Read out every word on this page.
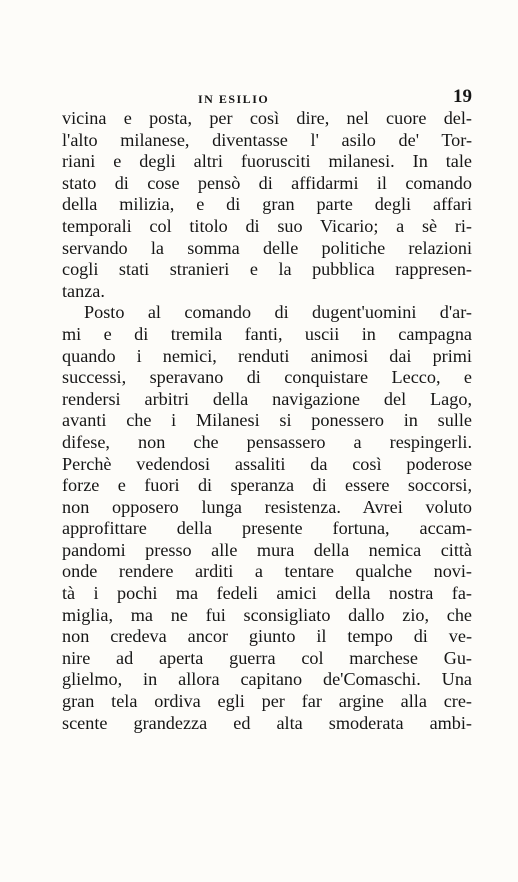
IN ESILIO	19
vicina e posta, per così dire, nel cuore del-
l'alto milanese, diventasse l' asilo de' Tor-
riani e degli altri fuorusciti milanesi. In tale
stato di cose pensò di affidarmi il comando
della milizia, e di gran parte degli affari
temporali col titolo di suo Vicario; a sè ri-
servando la somma delle politiche relazioni
cogli stati stranieri e la pubblica rappresen-
tanza.
Posto al comando di dugent'uomini d'ar-
mi e di tremila fanti, uscii in campagna
quando i nemici, renduti animosi dai primi
successi, speravano di conquistare Lecco, e
rendersi arbitri della navigazione del Lago,
avanti che i Milanesi si ponessero in sulle
difese, non che pensassero a respingerli.
Perchè vedendosi assaliti da così poderose
forze e fuori di speranza di essere soccorsi,
non opposero lunga resistenza. Avrei voluto
approfittare della presente fortuna, accam-
pandomi presso alle mura della nemica città
onde rendere arditi a tentare qualche novi-
tà i pochi ma fedeli amici della nostra fa-
miglia, ma ne fui sconsigliato dallo zio, che
non credeva ancor giunto il tempo di ve-
nire ad aperta guerra col marchese Gu-
glielmo, in allora capitano de'Comaschi. Una
gran tela ordiva egli per far argine alla cre-
scente grandezza ed alta smoderata ambi-
